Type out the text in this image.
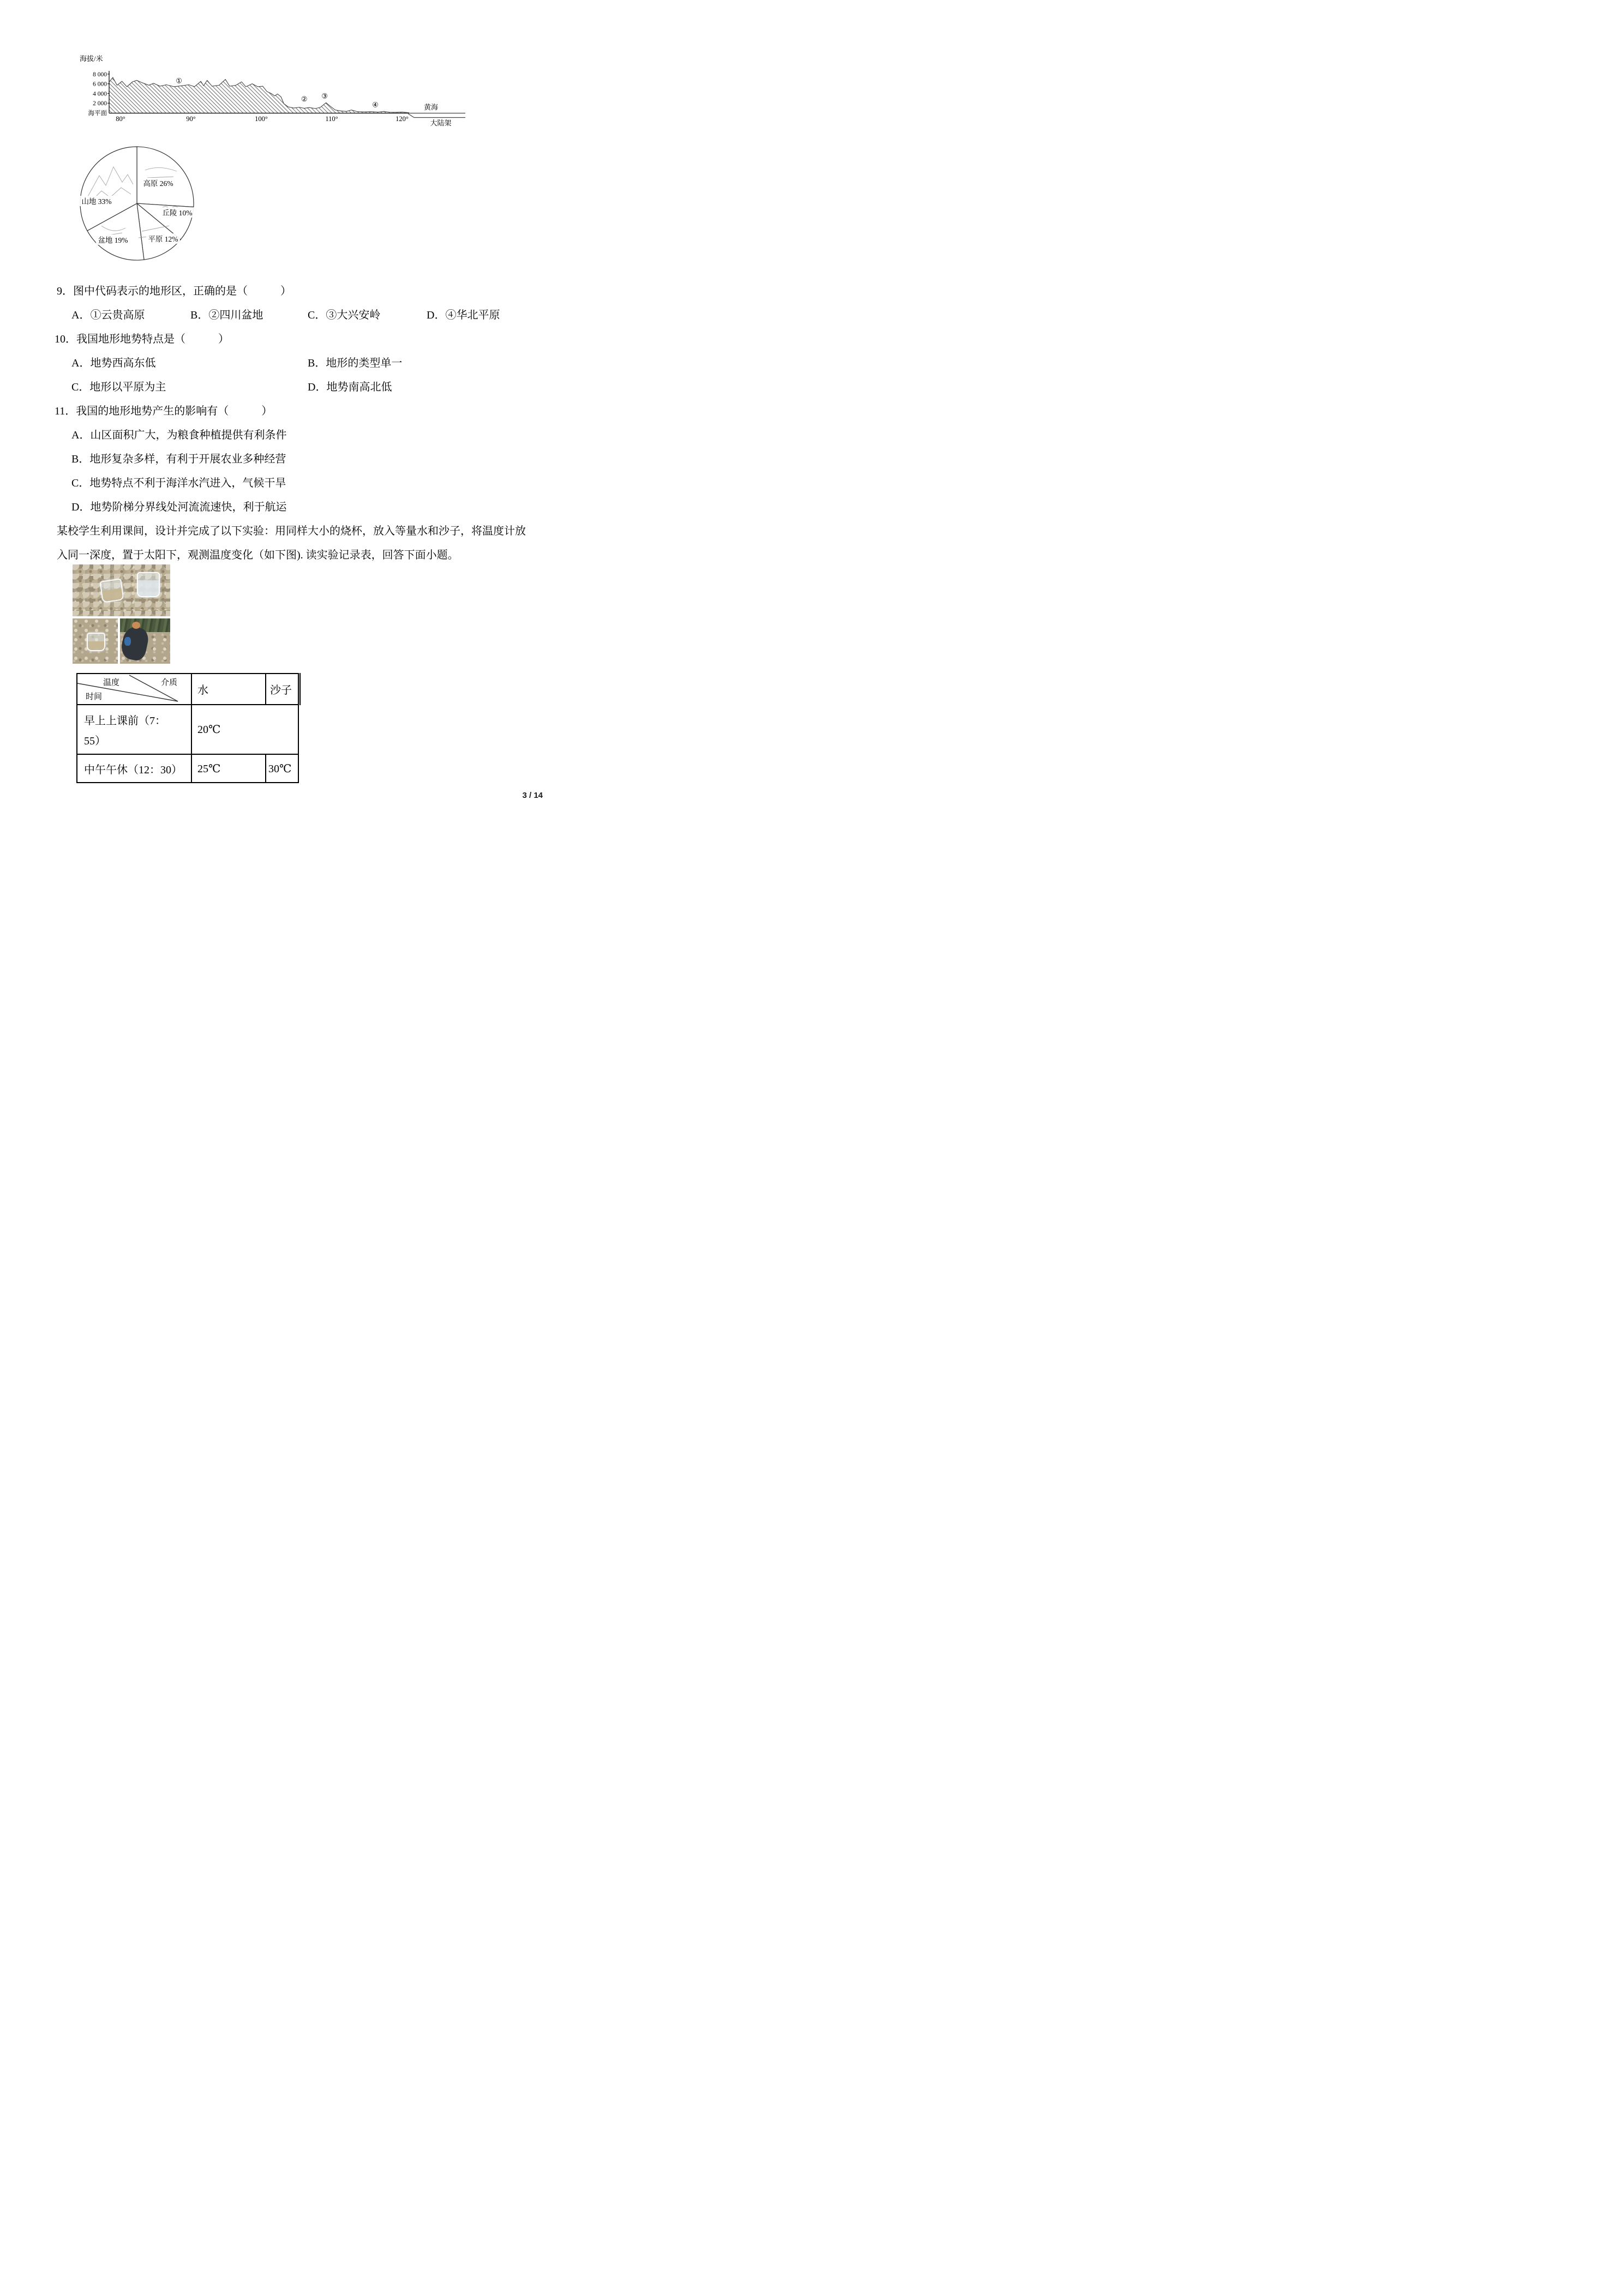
海拔/米
8 000
6 000
4 000
2 000
海平面
80°	90°	100°	110°	120°
黄海
大陆架
①
② ③
④
高原 26%
丘陵 10%
平原 12%
盆地 19%
山地 33%
9．图中代码表示的地形区，正确的是（　　　）
A．①云贵高原	B．②四川盆地	C．③大兴安岭	D．④华北平原
10．我国地形地势特点是（　　　）
A．地势西高东低	B．地形的类型单一
C．地形以平原为主	D．地势南高北低
11．我国的地形地势产生的影响有（　　　）
A．山区面积广大，为粮食种植提供有利条件
B．地形复杂多样，有利于开展农业多种经营
C．地势特点不利于海洋水汽进入，气候干旱
D．地势阶梯分界线处河流流速快，利于航运
某校学生利用课间，设计并完成了以下实验：用同样大小的烧杯，放入等量水和沙子，将温度计放
入同一深度，置于太阳下，观测温度变化（如下图). 读实验记录表，回答下面小题。
温度 介质
时间	水	沙子

早上上课前（7：
55）	20℃	
中午午休（12：30）	25℃	30℃
3 / 14
